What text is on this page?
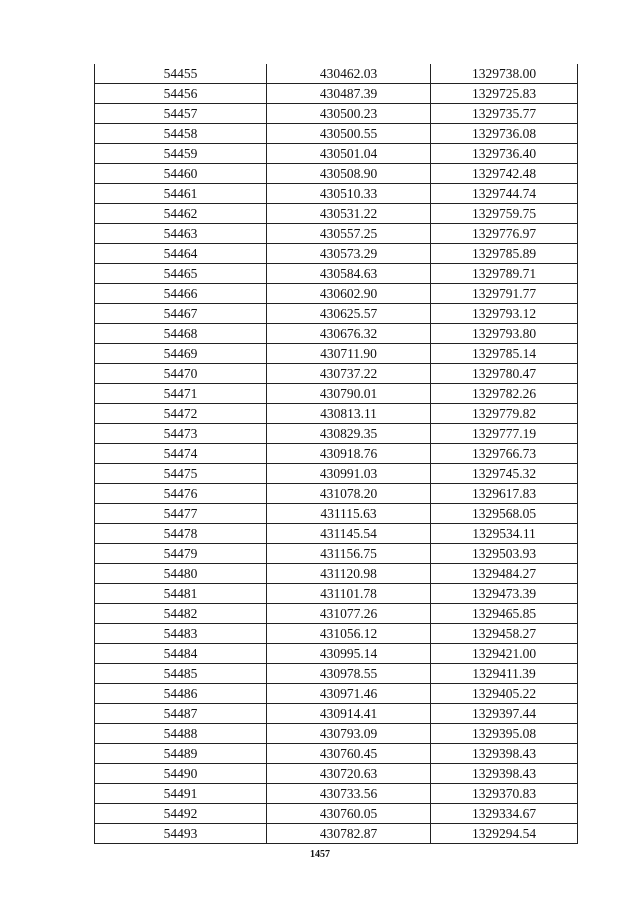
54455	430462.03	1329738.00
54456	430487.39	1329725.83
54457	430500.23	1329735.77
54458	430500.55	1329736.08
54459	430501.04	1329736.40
54460	430508.90	1329742.48
54461	430510.33	1329744.74
54462	430531.22	1329759.75
54463	430557.25	1329776.97
54464	430573.29	1329785.89
54465	430584.63	1329789.71
54466	430602.90	1329791.77
54467	430625.57	1329793.12
54468	430676.32	1329793.80
54469	430711.90	1329785.14
54470	430737.22	1329780.47
54471	430790.01	1329782.26
54472	430813.11	1329779.82
54473	430829.35	1329777.19
54474	430918.76	1329766.73
54475	430991.03	1329745.32
54476	431078.20	1329617.83
54477	431115.63	1329568.05
54478	431145.54	1329534.11
54479	431156.75	1329503.93
54480	431120.98	1329484.27
54481	431101.78	1329473.39
54482	431077.26	1329465.85
54483	431056.12	1329458.27
54484	430995.14	1329421.00
54485	430978.55	1329411.39
54486	430971.46	1329405.22
54487	430914.41	1329397.44
54488	430793.09	1329395.08
54489	430760.45	1329398.43
54490	430720.63	1329398.43
54491	430733.56	1329370.83
54492	430760.05	1329334.67
54493	430782.87	1329294.54
1457
